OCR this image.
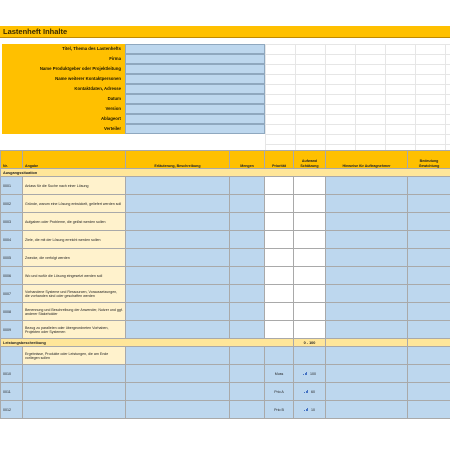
Lastenheft Inhalte
Titel, Thema des Lastenhefts
Firma
Name Produktgeber oder Projektleitung
Name weiterer Kontaktpersonen
Kontaktdaten, Adresse
Datum
Version
Ablageort
Verteiler
Nr.	Angabe	Erläuterung, Beschreibung	Mengen	Priorität	Aufwand Schätzung	Hinweise für Auftragnehmer	Bedeutung Gewichtung
Ausgangssituation							
0001	Anlass für die Suche nach einer Lösung						
0002	Gründe, warum eine Lösung entwickelt, geliefert werden soll						
0003	Aufgaben oder Probleme, die gelöst werden sollen						
0004	Ziele, die mit der Lösung erreicht werden sollen						
0005	Zwecke, die verfolgt werden						
0006	Wo und wofür die Lösung eingesetzt werden soll						
0007	Vorhandene Systeme und Ressourcen, Voraussetzungen, die vorhanden sind oder geschaffen werden						
0008	Benennung und Beschreibung der Anwender, Nutzer und ggf. anderer Stakeholder						
0009	Bezug zu parallelen oder übergeordneten Vorhaben, Projekten oder Systemen						
Leistungsbeschreibung					0 - 100		
	Ergebnisse, Produkte oder Leistungen, die am Ende vorliegen sollen						
0010				Muss	100		
0011				Prio A	60		
0012				Prio B	10		
